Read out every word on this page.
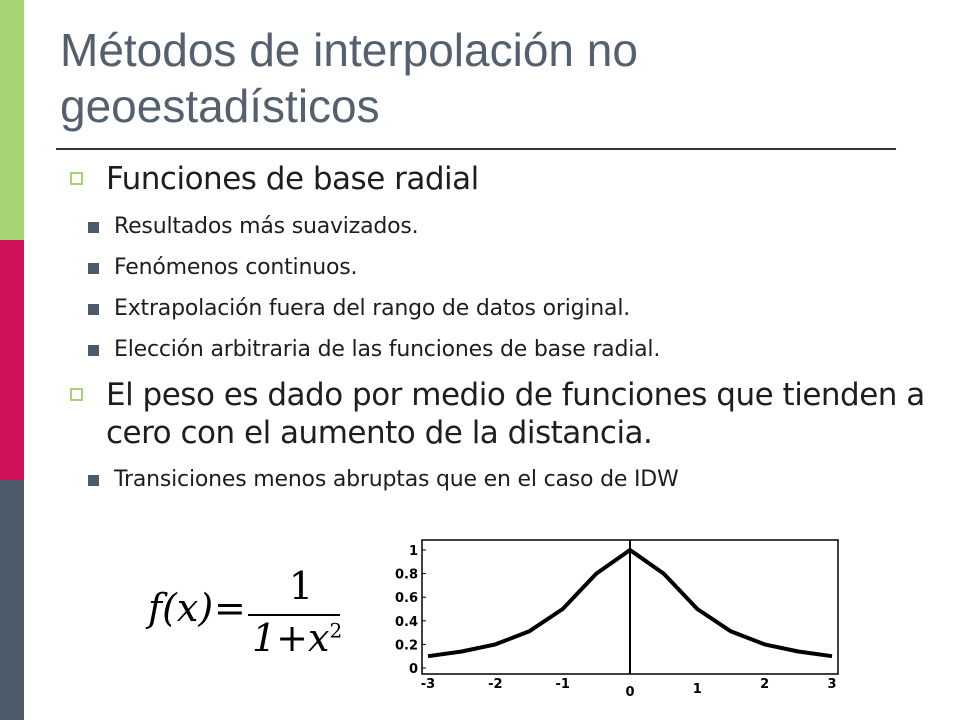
Métodos de interpolación no geoestadísticos
Funciones de base radial
Resultados más suavizados.
Fenómenos continuos.
Extrapolación fuera del rango de datos original.
Elección arbitraria de las funciones de base radial.
El peso es dado por medio de funciones que tienden a cero con el aumento de la distancia.
Transiciones menos abruptas que en el caso de IDW
f(x) =	1
$1+x^2$
0
0.2
0.4
0.6
0.8
1
-3	-2	-1
0	1	2	3
